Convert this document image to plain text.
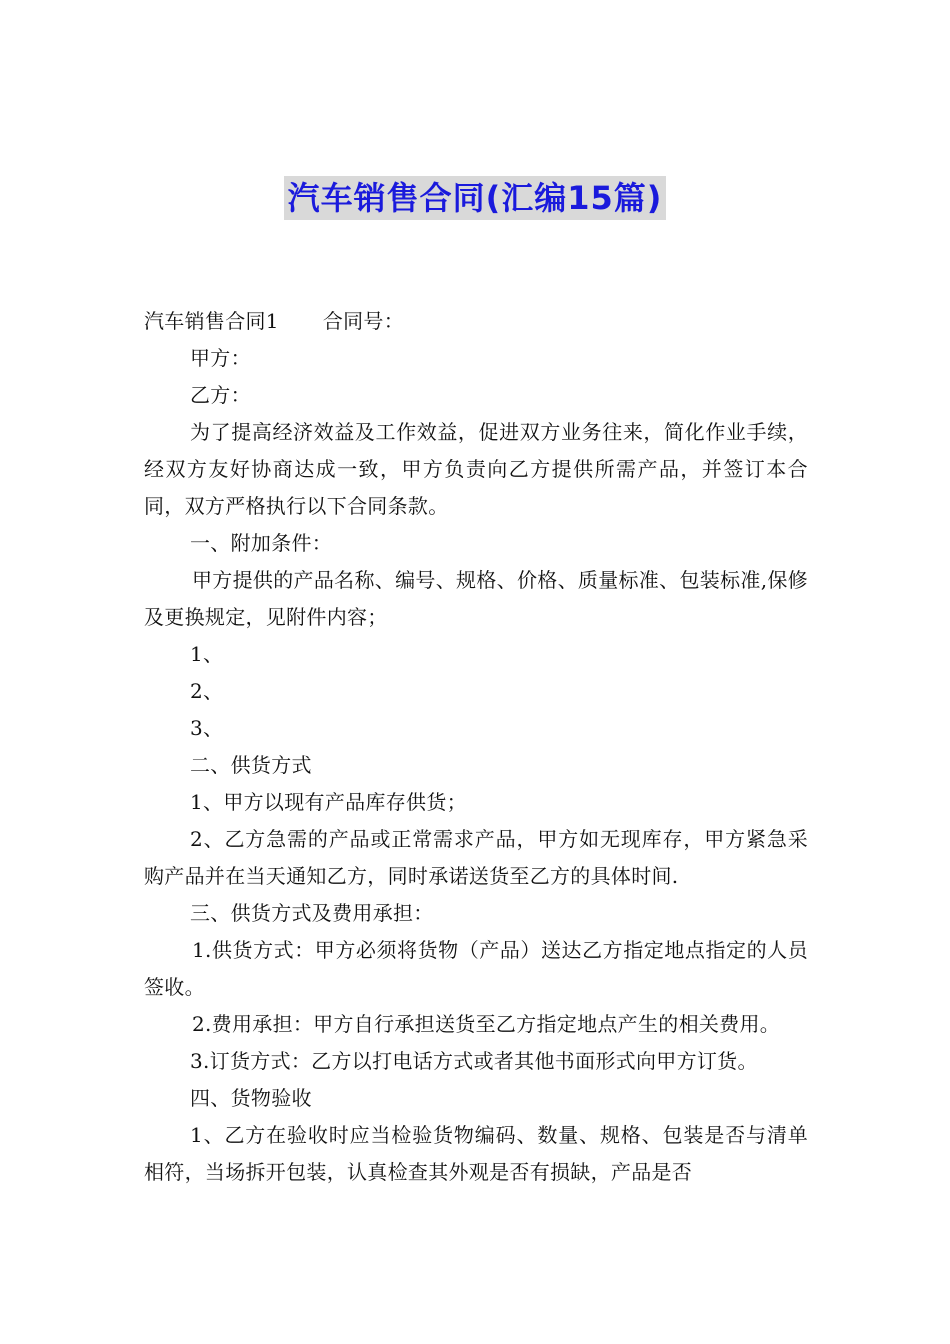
汽车销售合同(汇编15篇)

汽车销售合同1 合同号：

甲方：

乙方：

为了提高经济效益及工作效益，促进双方业务往来，简化作业手续，经双方友好协商达成一致，甲方负责向乙方提供所需产品，并签订本合同，双方严格执行以下合同条款。

一、附加条件：

甲方提供的产品名称、编号、规格、价格、质量标准、包装标准,保修及更换规定，见附件内容；

1、

2、

3、

二、供货方式

1、甲方以现有产品库存供货；

2、乙方急需的产品或正常需求产品，甲方如无现库存，甲方紧急采购产品并在当天通知乙方，同时承诺送货至乙方的具体时间.

三、供货方式及费用承担：

1.供货方式：甲方必须将货物（产品）送达乙方指定地点指定的人员签收。

2.费用承担：甲方自行承担送货至乙方指定地点产生的相关费用。

3.订货方式：乙方以打电话方式或者其他书面形式向甲方订货。

四、货物验收

1、乙方在验收时应当检验货物编码、数量、规格、包装是否与清单相符，当场拆开包装，认真检查其外观是否有损缺，产品是否
